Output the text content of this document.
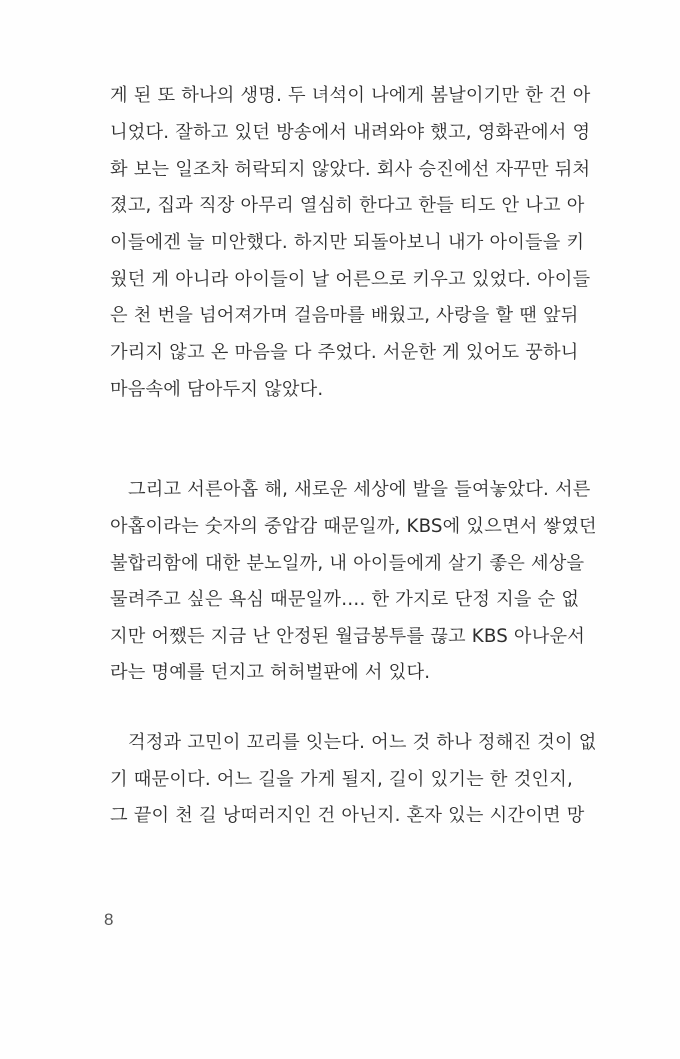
게 된 또 하나의 생명. 두 녀석이 나에게 봄날이기만 한 건 아
니었다. 잘하고 있던 방송에서 내려와야 했고, 영화관에서 영
화 보는 일조차 허락되지 않았다. 회사 승진에선 자꾸만 뒤처
졌고, 집과 직장 아무리 열심히 한다고 한들 티도 안 나고 아
이들에겐 늘 미안했다. 하지만 되돌아보니 내가 아이들을 키
웠던 게 아니라 아이들이 날 어른으로 키우고 있었다. 아이들
은 천 번을 넘어져가며 걸음마를 배웠고, 사랑을 할 땐 앞뒤
가리지 않고 온 마음을 다 주었다. 서운한 게 있어도 꿍하니
마음속에 담아두지 않았다.
그리고 서른아홉 해, 새로운 세상에 발을 들여놓았다. 서른
아홉이라는 숫자의 중압감 때문일까, KBS에 있으면서 쌓였던
불합리함에 대한 분노일까, 내 아이들에게 살기 좋은 세상을
물려주고 싶은 욕심 때문일까…. 한 가지로 단정 지을 순 없
지만 어쨌든 지금 난 안정된 월급봉투를 끊고 KBS 아나운서
라는 명예를 던지고 허허벌판에 서 있다.
걱정과 고민이 꼬리를 잇는다. 어느 것 하나 정해진 것이 없
기 때문이다. 어느 길을 가게 될지, 길이 있기는 한 것인지,
그 끝이 천 길 낭떠러지인 건 아닌지. 혼자 있는 시간이면 망
8
